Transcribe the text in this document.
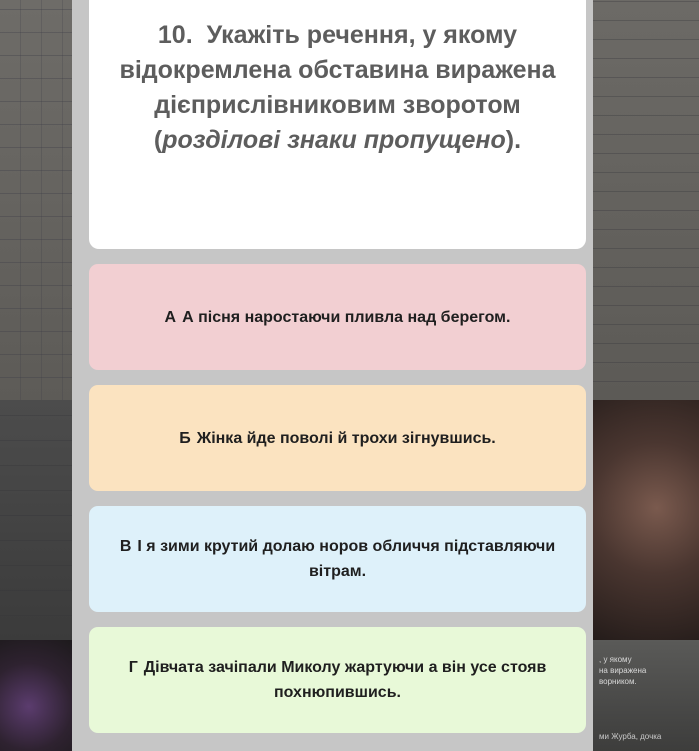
, у якому
на виражена
ворником.
ми Журба, дочка

10. Укажіть речення, у якому відокремлена обставина виражена дієприслівниковим зворотом (розділові знаки пропущено).

А А пісня наростаючи пливла над берегом.
Б Жінка йде поволі й трохи зігнувшись.
В І я зими крутий долаю норов обличчя підставляючи вітрам.
Г Дівчата зачіпали Миколу жартуючи а він усе стояв похнюпившись.
